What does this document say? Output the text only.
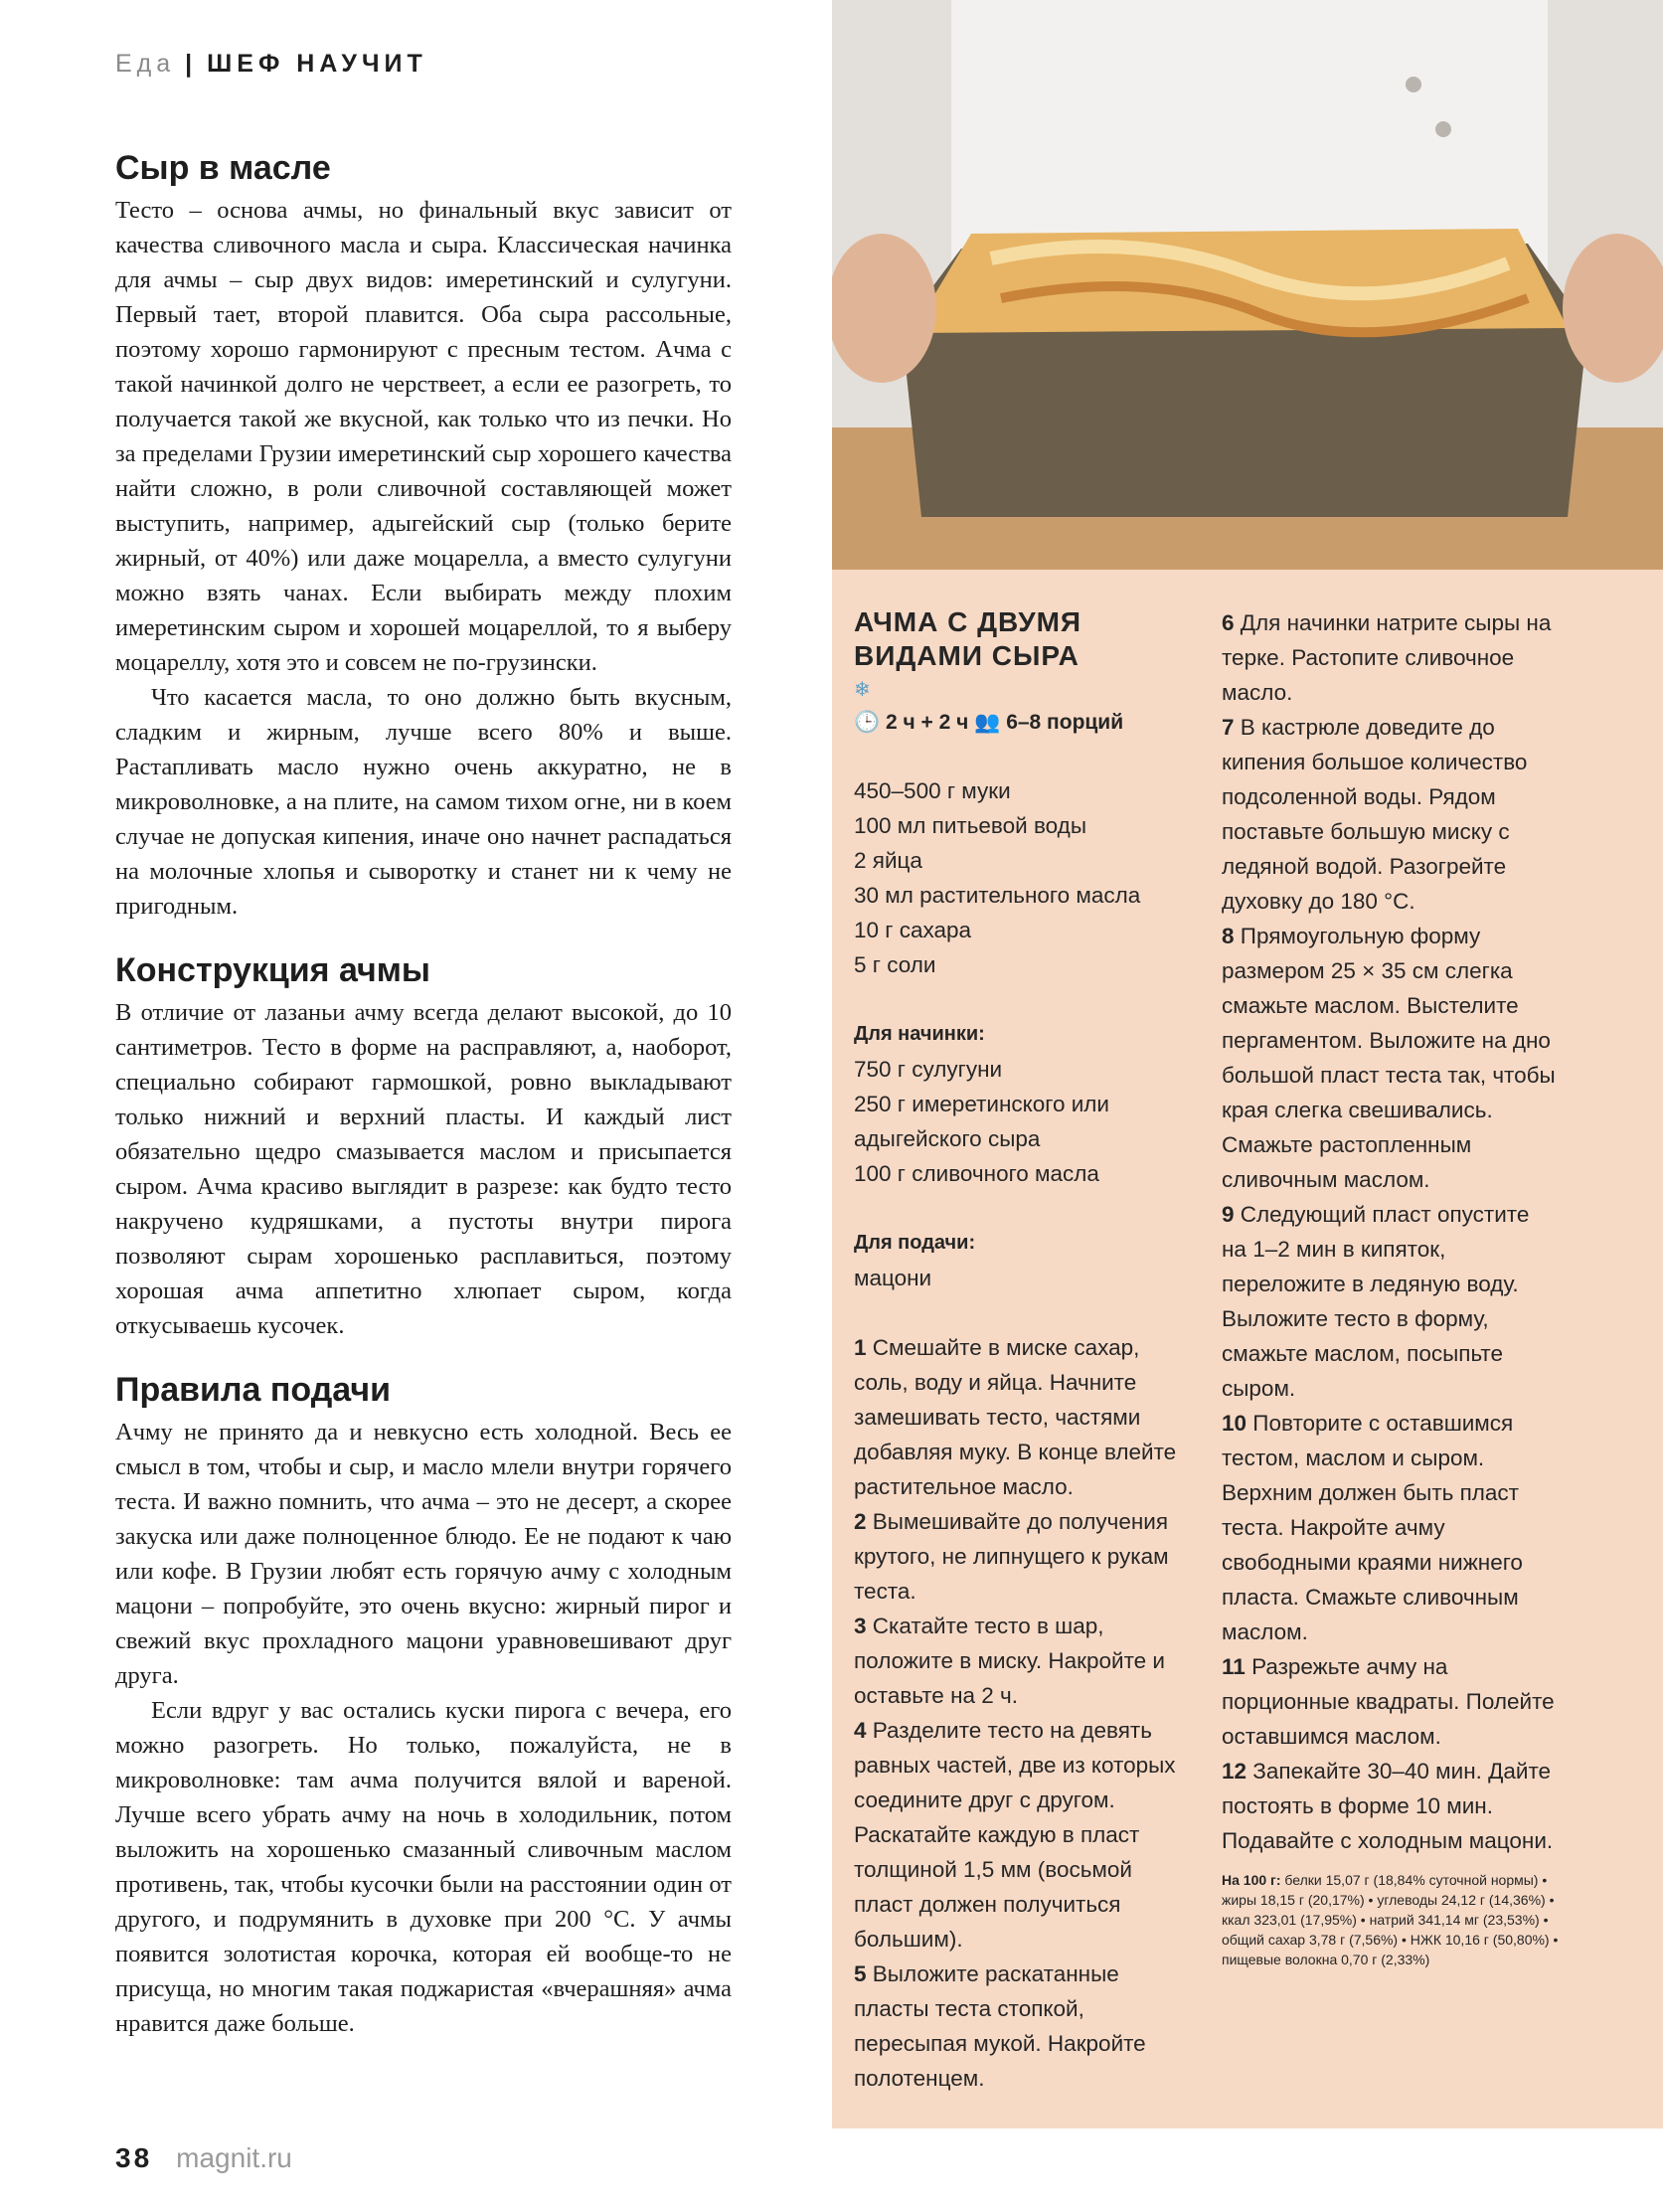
Еда | ШЕФ НАУЧИТ
Сыр в масле

Тесто – основа ачмы, но финальный вкус зависит от качества сливочного масла и сыра. Классическая начинка для ачмы – сыр двух видов: имеретинский и сулугуни. Первый тает, второй плавится. Оба сыра рассольные, поэтому хорошо гармонируют с пресным тестом. Ачма с такой начинкой долго не черствеет, а если ее разогреть, то получается такой же вкусной, как только что из печки. Но за пределами Грузии имеретинский сыр хорошего качества найти сложно, в роли сливочной составляющей может выступить, например, адыгейский сыр (только берите жирный, от 40%) или даже моцарелла, а вместо сулугуни можно взять чанах. Если выбирать между плохим имеретинским сыром и хорошей моцареллой, то я выберу моцареллу, хотя это и совсем не по-грузински.

Что касается масла, то оно должно быть вкусным, сладким и жирным, лучше всего 80% и выше. Растапливать масло нужно очень аккуратно, не в микроволновке, а на плите, на самом тихом огне, ни в коем случае не допуская кипения, иначе оно начнет распадаться на молочные хлопья и сыворотку и станет ни к чему не пригодным.

Конструкция ачмы

В отличие от лазаньи ачму всегда делают высокой, до 10 сантиметров. Тесто в форме на расправляют, а, наоборот, специально собирают гармошкой, ровно выкладывают только нижний и верхний пласты. И каждый лист обязательно щедро смазывается маслом и присыпается сыром. Ачма красиво выглядит в разрезе: как будто тесто накручено кудряшками, а пустоты внутри пирога позволяют сырам хорошенько расплавиться, поэтому хорошая ачма аппетитно хлюпает сыром, когда откусываешь кусочек.

Правила подачи

Ачму не принято да и невкусно есть холодной. Весь ее смысл в том, чтобы и сыр, и масло млели внутри горячего теста. И важно помнить, что ачма – это не десерт, а скорее закуска или даже полноценное блюдо. Ее не подают к чаю или кофе. В Грузии любят есть горячую ачму с холодным мацони – попробуйте, это очень вкусно: жирный пирог и свежий вкус прохладного мацони уравновешивают друг друга.

Если вдруг у вас остались куски пирога с вечера, его можно разогреть. Но только, пожалуйста, не в микроволновке: там ачма получится вялой и вареной. Лучше всего убрать ачму на ночь в холодильник, потом выложить на хорошенько смазанный сливочным маслом противень, так, чтобы кусочки были на расстоянии один от другого, и подрумянить в духовке при 200 °С. У ачмы появится золотистая корочка, которая ей вообще-то не присуща, но многим такая поджаристая «вчерашняя» ачма нравится даже больше.

АЧМА С ДВУМЯ ВИДАМИ СЫРА
❄
🕒 2 ч + 2 ч 👥 6–8 порций
450–500 г муки
100 мл питьевой воды
2 яйца
30 мл растительного масла
10 г сахара
5 г соли
Для начинки:
750 г сулугуни
250 г имеретинского или адыгейского сыра
100 г сливочного масла
Для подачи:
мацони
1 Смешайте в миске сахар, соль, воду и яйца. Начните замешивать тесто, частями добавляя муку. В конце влейте растительное масло.
2 Вымешивайте до получения крутого, не липнущего к рукам теста.
3 Скатайте тесто в шар, положите в миску. Накройте и оставьте на 2 ч.
4 Разделите тесто на девять равных частей, две из которых соедините друг с другом. Раскатайте каждую в пласт толщиной 1,5 мм (восьмой пласт должен получиться большим).
5 Выложите раскатанные пласты теста стопкой, пересыпая мукой. Накройте полотенцем.
6 Для начинки натрите сыры на терке. Растопите сливочное масло.
7 В кастрюле доведите до кипения большое количество подсоленной воды. Рядом поставьте большую миску с ледяной водой. Разогрейте духовку до 180 °С.
8 Прямоугольную форму размером 25 × 35 см слегка смажьте маслом. Выстелите пергаментом. Выложите на дно большой пласт теста так, чтобы края слегка свешивались. Смажьте растопленным сливочным маслом.
9 Следующий пласт опустите на 1–2 мин в кипяток, переложите в ледяную воду. Выложите тесто в форму, смажьте маслом, посыпьте сыром.
10 Повторите с оставшимся тестом, маслом и сыром. Верхним должен быть пласт теста. Накройте ачму свободными краями нижнего пласта. Смажьте сливочным маслом.
11 Разрежьте ачму на порционные квадраты. Полейте оставшимся маслом.
12 Запекайте 30–40 мин. Дайте постоять в форме 10 мин. Подавайте с холодным мацони.
На 100 г: белки 15,07 г (18,84% суточной нормы) • жиры 18,15 г (20,17%) • углеводы 24,12 г (14,36%) • ккал 323,01 (17,95%) • натрий 341,14 мг (23,53%) • общий сахар 3,78 г (7,56%) • НЖК 10,16 г (50,80%) • пищевые волокна 0,70 г (2,33%)
38 magnit.ru
